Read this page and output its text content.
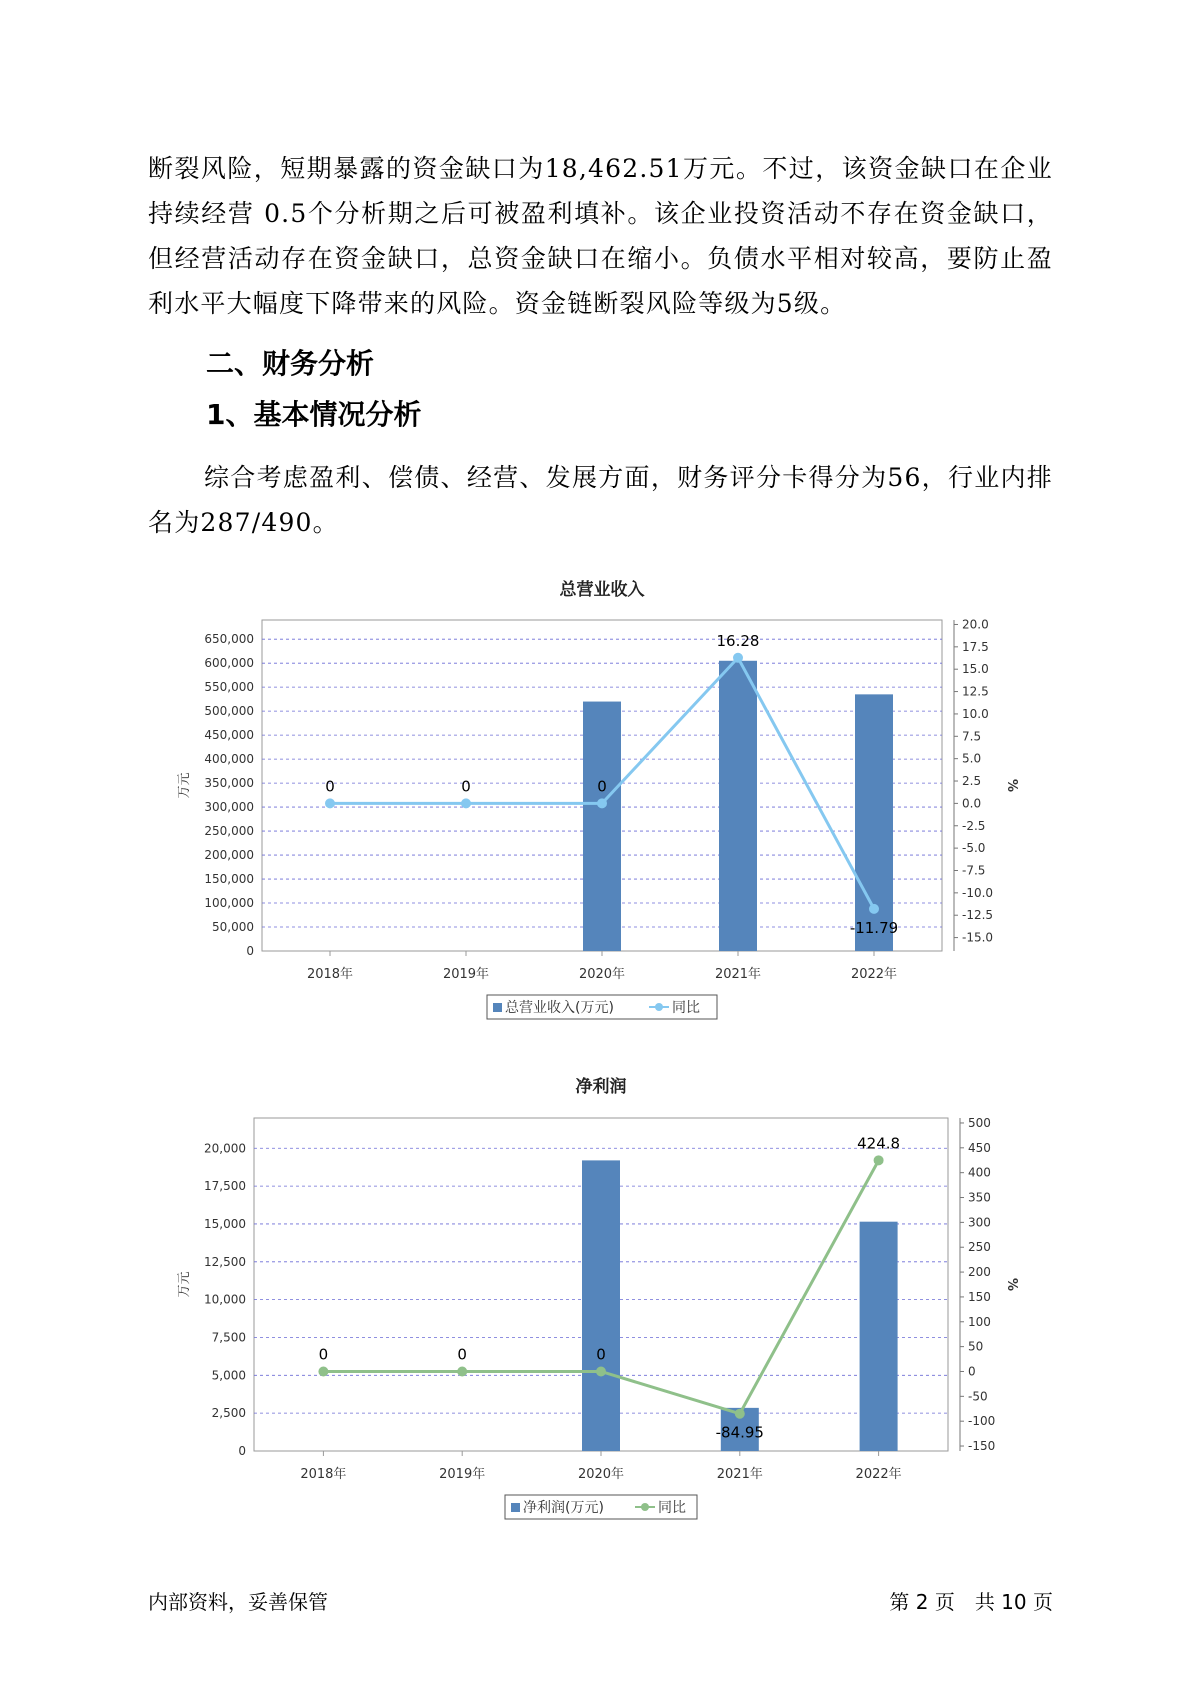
断裂风险，短期暴露的资金缺口为18,462.51万元。不过，该资金缺口在企业持续经营 0.5个分析期之后可被盈利填补。该企业投资活动不存在资金缺口，但经营活动存在资金缺口，总资金缺口在缩小。负债水平相对较高，要防止盈利水平大幅度下降带来的风险。资金链断裂风险等级为5级。

二、财务分析
1、基本情况分析

综合考虑盈利、偿债、经营、发展方面，财务评分卡得分为56，行业内排名为287/490。

总营业收入
0
50,000
100,000
150,000
200,000
250,000
300,000
350,000
400,000
450,000
500,000
550,000
600,000
650,000
万元
-15.0
-12.5
-10.0
-7.5
-5.0
-2.5
0.0
2.5
5.0
7.5
10.0
12.5
15.0
17.5
20.0
%
2018年	2019年	2020年	2021年	2022年
0	0	0
16.28
-11.79
总营业收入(万元)	同比
净利润
0
2,500
5,000
7,500
10,000
12,500
15,000
17,500
20,000
万元
-150
-100
-50
0
50
100
150
200
250
300
350
400
450
500
%
2018年	2019年	2020年	2021年	2022年
0	0	0
-84.95
424.8
净利润(万元)	同比
内部资料，妥善保管	第 2 页　共 10 页
